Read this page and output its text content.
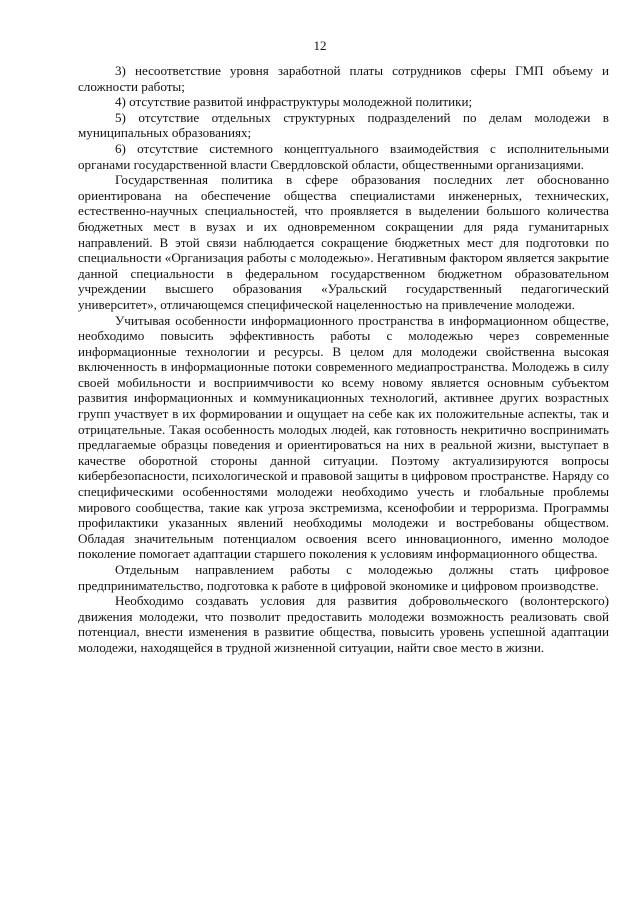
12

3) несоответствие уровня заработной платы сотрудников сферы ГМП объему и сложности работы;

4) отсутствие развитой инфраструктуры молодежной политики;

5) отсутствие отдельных структурных подразделений по делам молодежи в муниципальных образованиях;

6) отсутствие системного концептуального взаимодействия с исполнительными органами государственной власти Свердловской области, общественными организациями.

Государственная политика в сфере образования последних лет обоснованно ориентирована на обеспечение общества специалистами инженерных, технических, естественно-научных специальностей, что проявляется в выделении большого количества бюджетных мест в вузах и их одновременном сокращении для ряда гуманитарных направлений. В этой связи наблюдается сокращение бюджетных мест для подготовки по специальности «Организация работы с молодежью». Негативным фактором является закрытие данной специальности в федеральном государственном бюджетном образовательном учреждении высшего образования «Уральский государственный педагогический университет», отличающемся специфической нацеленностью на привлечение молодежи.

Учитывая особенности информационного пространства в информационном обществе, необходимо повысить эффективность работы с молодежью через современные информационные технологии и ресурсы. В целом для молодежи свойственна высокая включенность в информационные потоки современного медиапространства. Молодежь в силу своей мобильности и восприимчивости ко всему новому является основным субъектом развития информационных и коммуникационных технологий, активнее других возрастных групп участвует в их формировании и ощущает на себе как их положительные аспекты, так и отрицательные. Такая особенность молодых людей, как готовность некритично воспринимать предлагаемые образцы поведения и ориентироваться на них в реальной жизни, выступает в качестве оборотной стороны данной ситуации. Поэтому актуализируются вопросы кибербезопасности, психологической и правовой защиты в цифровом пространстве. Наряду со специфическими особенностями молодежи необходимо учесть и глобальные проблемы мирового сообщества, такие как угроза экстремизма, ксенофобии и терроризма. Программы профилактики указанных явлений необходимы молодежи и востребованы обществом. Обладая значительным потенциалом освоения всего инновационного, именно молодое поколение помогает адаптации старшего поколения к условиям информационного общества.

Отдельным направлением работы с молодежью должны стать цифровое предпринимательство, подготовка к работе в цифровой экономике и цифровом производстве.

Необходимо создавать условия для развития добровольческого (волонтерского) движения молодежи, что позволит предоставить молодежи возможность реализовать свой потенциал, внести изменения в развитие общества, повысить уровень успешной адаптации молодежи, находящейся в трудной жизненной ситуации, найти свое место в жизни.
